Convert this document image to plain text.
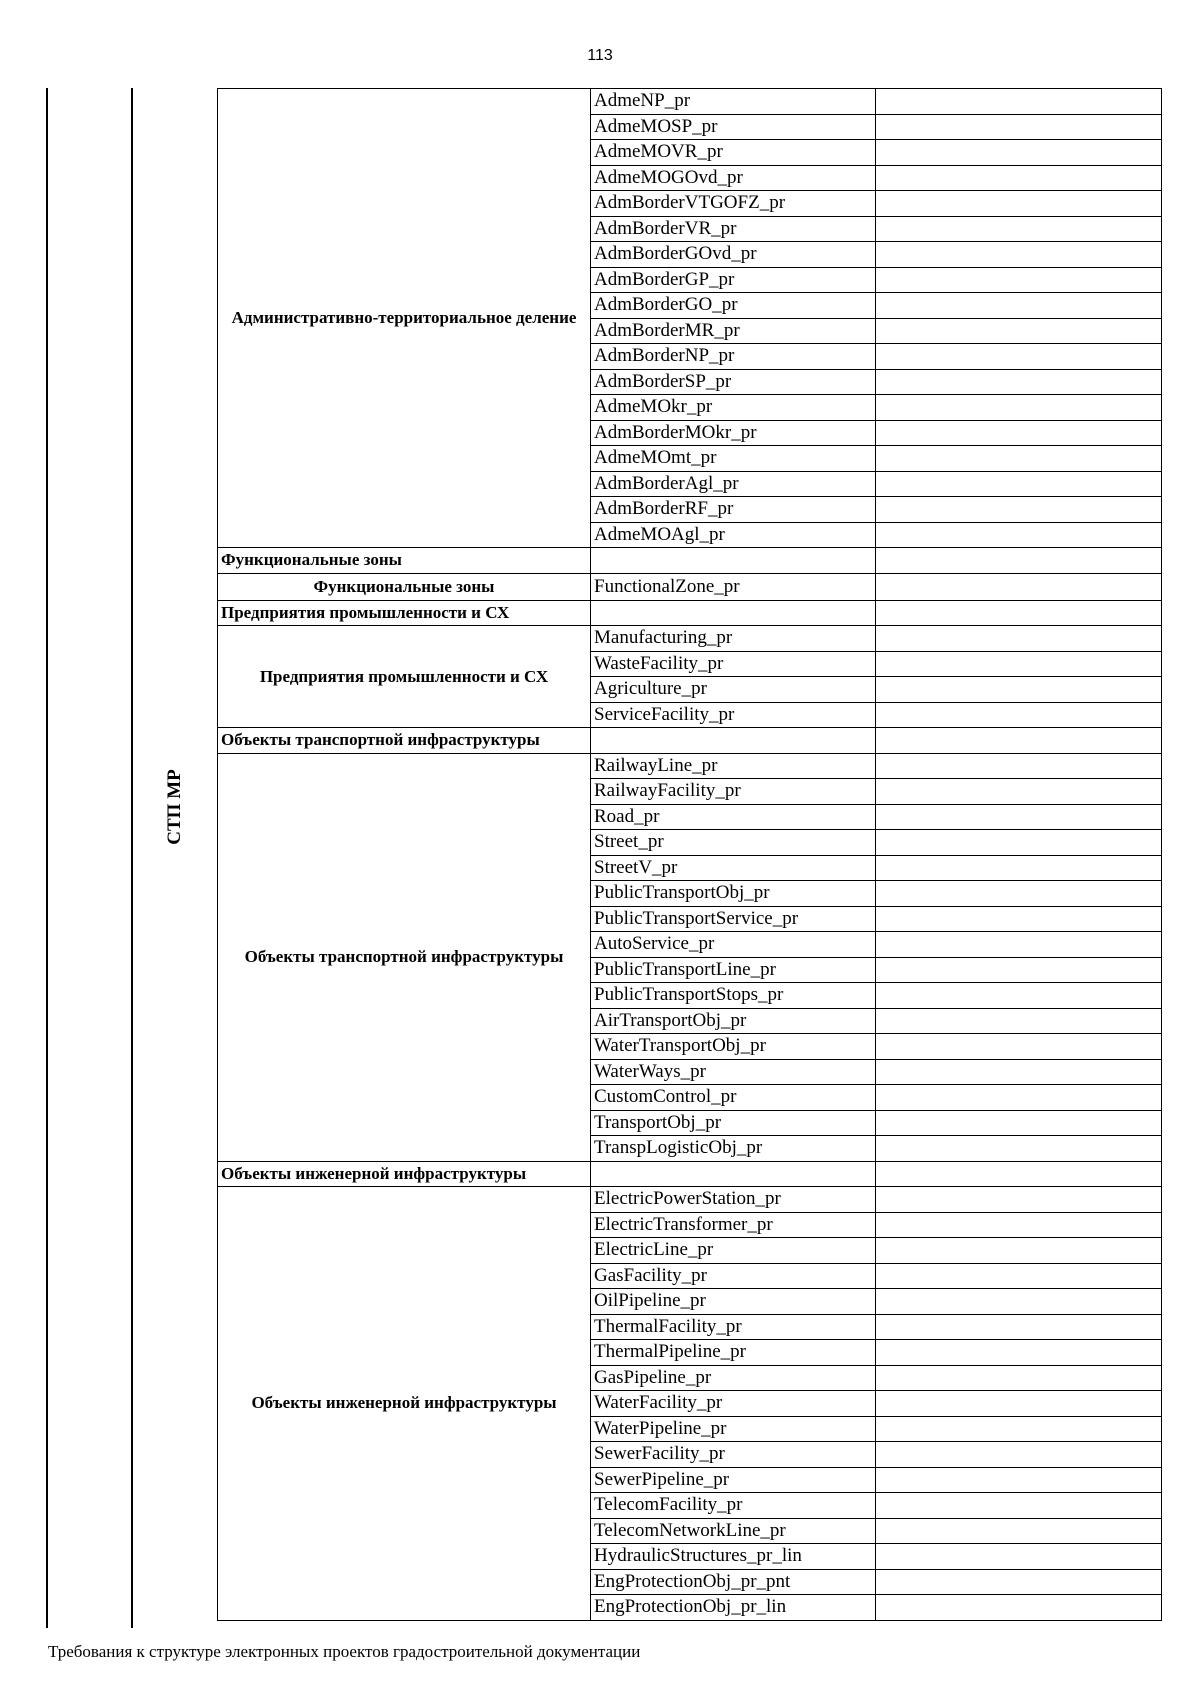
113
СТП МР
Административно-территориальное деление	AdmeNP_pr	
	AdmeMOSP_pr	
	AdmeMOVR_pr	
	AdmeMOGOvd_pr	
	AdmBorderVTGOFZ_pr	
	AdmBorderVR_pr	
	AdmBorderGOvd_pr	
	AdmBorderGP_pr	
	AdmBorderGO_pr	
	AdmBorderMR_pr	
	AdmBorderNP_pr	
	AdmBorderSP_pr	
	AdmeMOkr_pr	
	AdmBorderMOkr_pr	
	AdmeMOmt_pr	
	AdmBorderAgl_pr	
	AdmBorderRF_pr	
	AdmeMOAgl_pr	
Функциональные зоны		
Функциональные зоны	FunctionalZone_pr	
Предприятия промышленности и СХ		
Предприятия промышленности и СХ	Manufacturing_pr	
	WasteFacility_pr	
	Agriculture_pr	
	ServiceFacility_pr	
Объекты транспортной инфраструктуры		
Объекты транспортной инфраструктуры	RailwayLine_pr	
	RailwayFacility_pr	
	Road_pr	
	Street_pr	
	StreetV_pr	
	PublicTransportObj_pr	
	PublicTransportService_pr	
	AutoService_pr	
	PublicTransportLine_pr	
	PublicTransportStops_pr	
	AirTransportObj_pr	
	WaterTransportObj_pr	
	WaterWays_pr	
	CustomControl_pr	
	TransportObj_pr	
	TranspLogisticObj_pr	
Объекты инженерной инфраструктуры		
Объекты инженерной инфраструктуры	ElectricPowerStation_pr	
	ElectricTransformer_pr	
	ElectricLine_pr	
	GasFacility_pr	
	OilPipeline_pr	
	ThermalFacility_pr	
	ThermalPipeline_pr	
	GasPipeline_pr	
	WaterFacility_pr	
	WaterPipeline_pr	
	SewerFacility_pr	
	SewerPipeline_pr	
	TelecomFacility_pr	
	TelecomNetworkLine_pr	
	HydraulicStructures_pr_lin	
	EngProtectionObj_pr_pnt	
	EngProtectionObj_pr_lin	
Требования к структуре электронных проектов градостроительной документации
